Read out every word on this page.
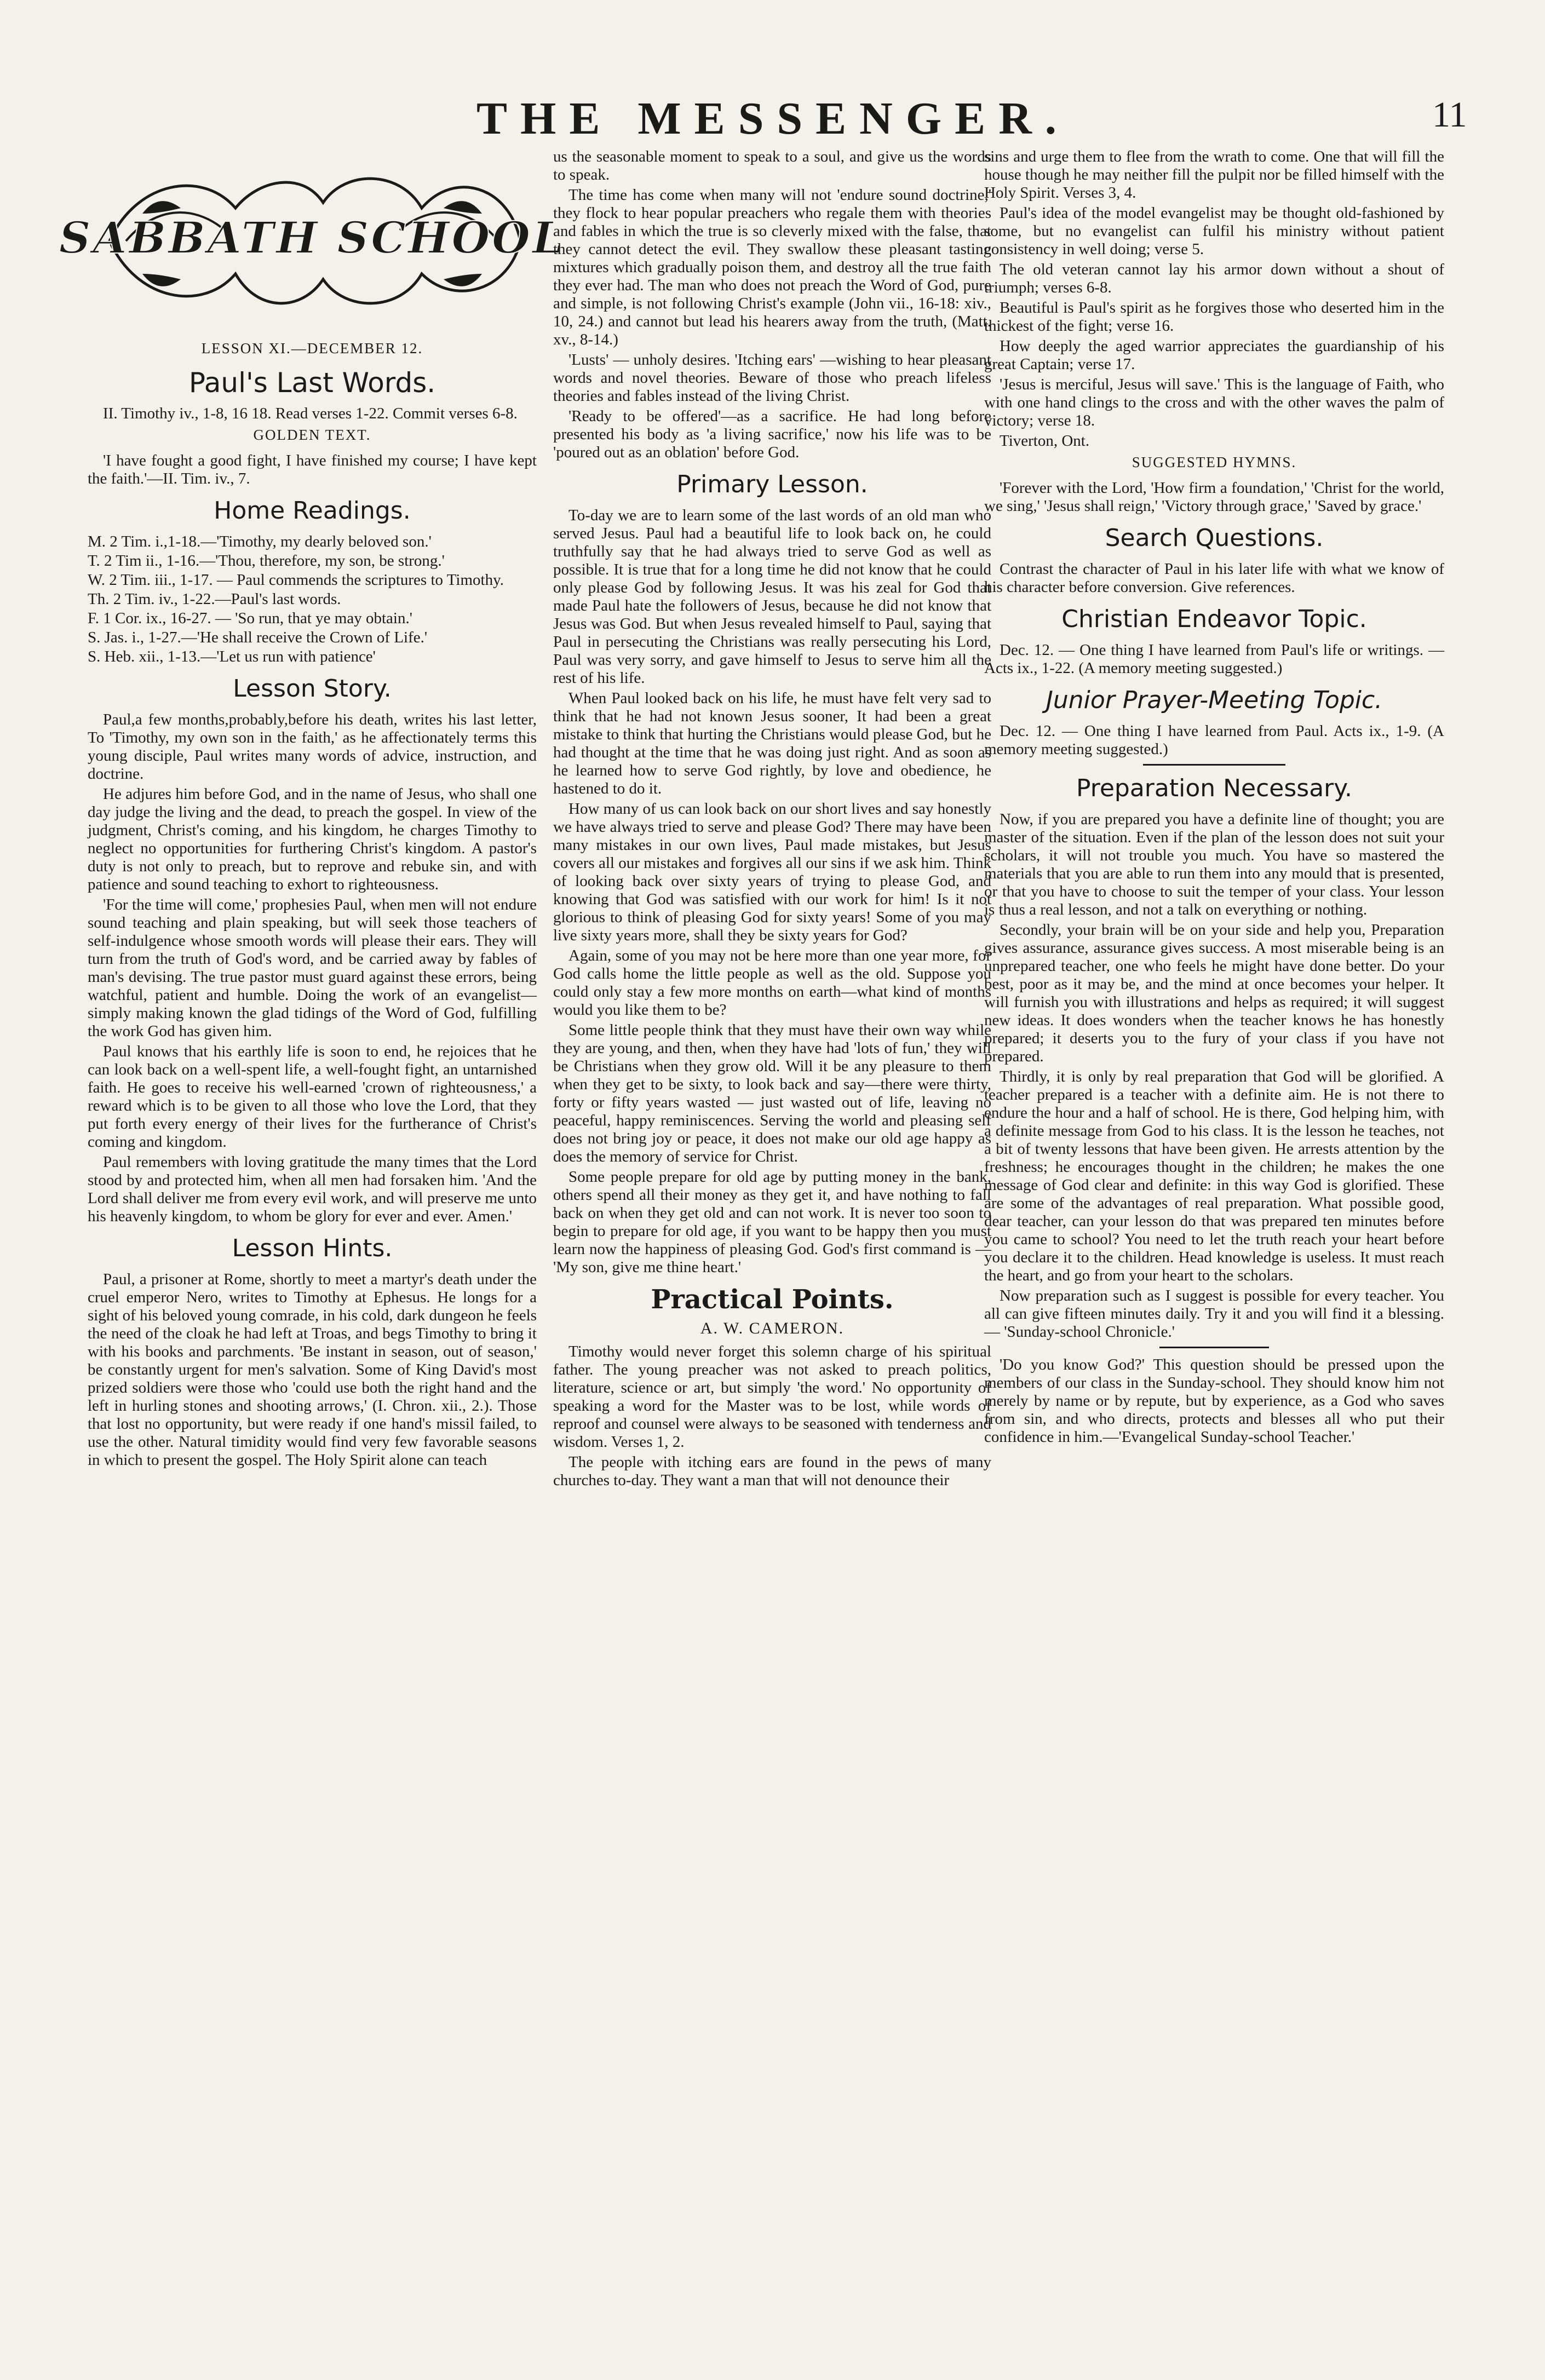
THE MESSENGER.	11
SABBATH SCHOOL
LESSON XI.—DECEMBER 12.
Paul's Last Words.

II. Timothy iv., 1-8, 16 18. Read verses 1-22. Commit verses 6-8.

GOLDEN TEXT.

'I have fought a good fight, I have finished my course; I have kept the faith.'—II. Tim. iv., 7.

Home Readings.
M. 2 Tim. i.,1-18.—'Timothy, my dearly beloved son.'
T. 2 Tim ii., 1-16.—'Thou, therefore, my son, be strong.'
W. 2 Tim. iii., 1-17. — Paul commends the scriptures to Timothy.
Th. 2 Tim. iv., 1-22.—Paul's last words.
F. 1 Cor. ix., 16-27. — 'So run, that ye may obtain.'
S. Jas. i., 1-27.—'He shall receive the Crown of Life.'
S. Heb. xii., 1-13.—'Let us run with patience'
Lesson Story.

Paul,a few months,probably,before his death, writes his last letter, To 'Timothy, my own son in the faith,' as he affectionately terms this young disciple, Paul writes many words of advice, instruction, and doctrine.

He adjures him before God, and in the name of Jesus, who shall one day judge the living and the dead, to preach the gospel. In view of the judgment, Christ's coming, and his kingdom, he charges Timothy to neglect no opportunities for furthering Christ's kingdom. A pastor's duty is not only to preach, but to reprove and rebuke sin, and with patience and sound teaching to exhort to righteousness.

'For the time will come,' prophesies Paul, when men will not endure sound teaching and plain speaking, but will seek those teachers of self-indulgence whose smooth words will please their ears. They will turn from the truth of God's word, and be carried away by fables of man's devising. The true pastor must guard against these errors, being watchful, patient and humble. Doing the work of an evangelist—simply making known the glad tidings of the Word of God, fulfilling the work God has given him.

Paul knows that his earthly life is soon to end, he rejoices that he can look back on a well-spent life, a well-fought fight, an untarnished faith. He goes to receive his well-earned 'crown of righteousness,' a reward which is to be given to all those who love the Lord, that they put forth every energy of their lives for the furtherance of Christ's coming and kingdom.

Paul remembers with loving gratitude the many times that the Lord stood by and protected him, when all men had forsaken him. 'And the Lord shall deliver me from every evil work, and will preserve me unto his heavenly kingdom, to whom be glory for ever and ever. Amen.'

Lesson Hints.

Paul, a prisoner at Rome, shortly to meet a martyr's death under the cruel emperor Nero, writes to Timothy at Ephesus. He longs for a sight of his beloved young comrade, in his cold, dark dungeon he feels the need of the cloak he had left at Troas, and begs Timothy to bring it with his books and parchments. 'Be instant in season, out of season,' be constantly urgent for men's salvation. Some of King David's most prized soldiers were those who 'could use both the right hand and the left in hurling stones and shooting arrows,' (I. Chron. xii., 2.). Those that lost no opportunity, but were ready if one hand's missil failed, to use the other. Natural timidity would find very few favorable seasons in which to present the gospel. The Holy Spirit alone can teach

us the seasonable moment to speak to a soul, and give us the words to speak.

The time has come when many will not 'endure sound doctrine,' they flock to hear popular preachers who regale them with theories and fables in which the true is so cleverly mixed with the false, that they cannot detect the evil. They swallow these pleasant tasting mixtures which gradually poison them, and destroy all the true faith they ever had. The man who does not preach the Word of God, pure and simple, is not following Christ's example (John vii., 16-18: xiv., 10, 24.) and cannot but lead his hearers away from the truth, (Matt. xv., 8-14.)

'Lusts' — unholy desires. 'Itching ears' —wishing to hear pleasant words and novel theories. Beware of those who preach lifeless theories and fables instead of the living Christ.

'Ready to be offered'—as a sacrifice. He had long before presented his body as 'a living sacrifice,' now his life was to be 'poured out as an oblation' before God.

Primary Lesson.

To-day we are to learn some of the last words of an old man who served Jesus. Paul had a beautiful life to look back on, he could truthfully say that he had always tried to serve God as well as possible. It is true that for a long time he did not know that he could only please God by following Jesus. It was his zeal for God that made Paul hate the followers of Jesus, because he did not know that Jesus was God. But when Jesus revealed himself to Paul, saying that Paul in persecuting the Christians was really persecuting his Lord, Paul was very sorry, and gave himself to Jesus to serve him all the rest of his life.

When Paul looked back on his life, he must have felt very sad to think that he had not known Jesus sooner, It had been a great mistake to think that hurting the Christians would please God, but he had thought at the time that he was doing just right. And as soon as he learned how to serve God rightly, by love and obedience, he hastened to do it.

How many of us can look back on our short lives and say honestly we have always tried to serve and please God? There may have been many mistakes in our own lives, Paul made mistakes, but Jesus covers all our mistakes and forgives all our sins if we ask him. Think of looking back over sixty years of trying to please God, and knowing that God was satisfied with our work for him! Is it not glorious to think of pleasing God for sixty years! Some of you may live sixty years more, shall they be sixty years for God?

Again, some of you may not be here more than one year more, for God calls home the little people as well as the old. Suppose you could only stay a few more months on earth—what kind of months would you like them to be?

Some little people think that they must have their own way while they are young, and then, when they have had 'lots of fun,' they will be Christians when they grow old. Will it be any pleasure to them when they get to be sixty, to look back and say—there were thirty, forty or fifty years wasted — just wasted out of life, leaving no peaceful, happy reminiscences. Serving the world and pleasing self does not bring joy or peace, it does not make our old age happy as does the memory of service for Christ.

Some people prepare for old age by putting money in the bank, others spend all their money as they get it, and have nothing to fall back on when they get old and can not work. It is never too soon to begin to prepare for old age, if you want to be happy then you must learn now the happiness of pleasing God. God's first command is — 'My son, give me thine heart.'

Practical Points.
A. W. CAMERON.

Timothy would never forget this solemn charge of his spiritual father. The young preacher was not asked to preach politics, literature, science or art, but simply 'the word.' No opportunity of speaking a word for the Master was to be lost, while words of reproof and counsel were always to be seasoned with tenderness and wisdom. Verses 1, 2.

The people with itching ears are found in the pews of many churches to-day. They want a man that will not denounce their

sins and urge them to flee from the wrath to come. One that will fill the house though he may neither fill the pulpit nor be filled himself with the Holy Spirit. Verses 3, 4.

Paul's idea of the model evangelist may be thought old-fashioned by some, but no evangelist can fulfil his ministry without patient consistency in well doing; verse 5.

The old veteran cannot lay his armor down without a shout of triumph; verses 6-8.

Beautiful is Paul's spirit as he forgives those who deserted him in the thickest of the fight; verse 16.

How deeply the aged warrior appreciates the guardianship of his great Captain; verse 17.

'Jesus is merciful, Jesus will save.' This is the language of Faith, who with one hand clings to the cross and with the other waves the palm of victory; verse 18.

Tiverton, Ont.

SUGGESTED HYMNS.

'Forever with the Lord, 'How firm a foundation,' 'Christ for the world, we sing,' 'Jesus shall reign,' 'Victory through grace,' 'Saved by grace.'

Search Questions.

Contrast the character of Paul in his later life with what we know of his character before conversion. Give references.

Christian Endeavor Topic.

Dec. 12. — One thing I have learned from Paul's life or writings. — Acts ix., 1-22. (A memory meeting suggested.)

Junior Prayer-Meeting Topic.

Dec. 12. — One thing I have learned from Paul. Acts ix., 1-9. (A memory meeting suggested.)

Preparation Necessary.

Now, if you are prepared you have a definite line of thought; you are master of the situation. Even if the plan of the lesson does not suit your scholars, it will not trouble you much. You have so mastered the materials that you are able to run them into any mould that is presented, or that you have to choose to suit the temper of your class. Your lesson is thus a real lesson, and not a talk on everything or nothing.

Secondly, your brain will be on your side and help you, Preparation gives assurance, assurance gives success. A most miserable being is an unprepared teacher, one who feels he might have done better. Do your best, poor as it may be, and the mind at once becomes your helper. It will furnish you with illustrations and helps as required; it will suggest new ideas. It does wonders when the teacher knows he has honestly prepared; it deserts you to the fury of your class if you have not prepared.

Thirdly, it is only by real preparation that God will be glorified. A teacher prepared is a teacher with a definite aim. He is not there to endure the hour and a half of school. He is there, God helping him, with a definite message from God to his class. It is the lesson he teaches, not a bit of twenty lessons that have been given. He arrests attention by the freshness; he encourages thought in the children; he makes the one message of God clear and definite: in this way God is glorified. These are some of the advantages of real preparation. What possible good, dear teacher, can your lesson do that was prepared ten minutes before you came to school? You need to let the truth reach your heart before you declare it to the children. Head knowledge is useless. It must reach the heart, and go from your heart to the scholars.

Now preparation such as I suggest is possible for every teacher. You all can give fifteen minutes daily. Try it and you will find it a blessing. — 'Sunday-school Chronicle.'

'Do you know God?' This question should be pressed upon the members of our class in the Sunday-school. They should know him not merely by name or by repute, but by experience, as a God who saves from sin, and who directs, protects and blesses all who put their confidence in him.—'Evangelical Sunday-school Teacher.'
